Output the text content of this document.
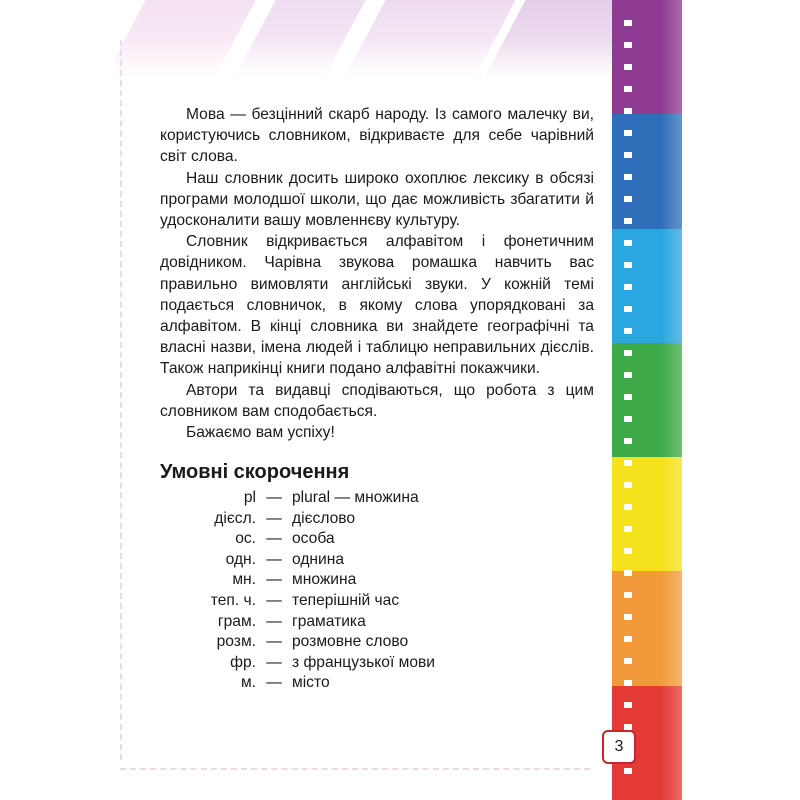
Мова — безцінний скарб народу. Із самого малечку ви, користуючись словником, відкриваєте для себе чарівний світ слова.

Наш словник досить широко охоплює лексику в обсязі програми молодшої школи, що дає можливість збагатити й удосконалити вашу мовленнєву культуру.

Словник відкривається алфавітом і фонетичним довідником. Чарівна звукова ромашка навчить вас правильно вимовляти англійські звуки. У кожній темі подається словничок, в якому слова упорядковані за алфавітом. В кінці словника ви знайдете географічні та власні назви, імена людей і таблицю неправильних дієслів. Також наприкінці книги подано алфавітні покажчики.

Автори та видавці сподіваються, що робота з цим словником вам сподобається.

Бажаємо вам успіху!

Умовні скорочення
pl — plural — множина
дієсл. — дієслово
ос. — особа
одн. — однина
мн. — множина
теп. ч. — теперішній час
грам. — граматика
розм. — розмовне слово
фр. — з французької мови
м. — місто
3
